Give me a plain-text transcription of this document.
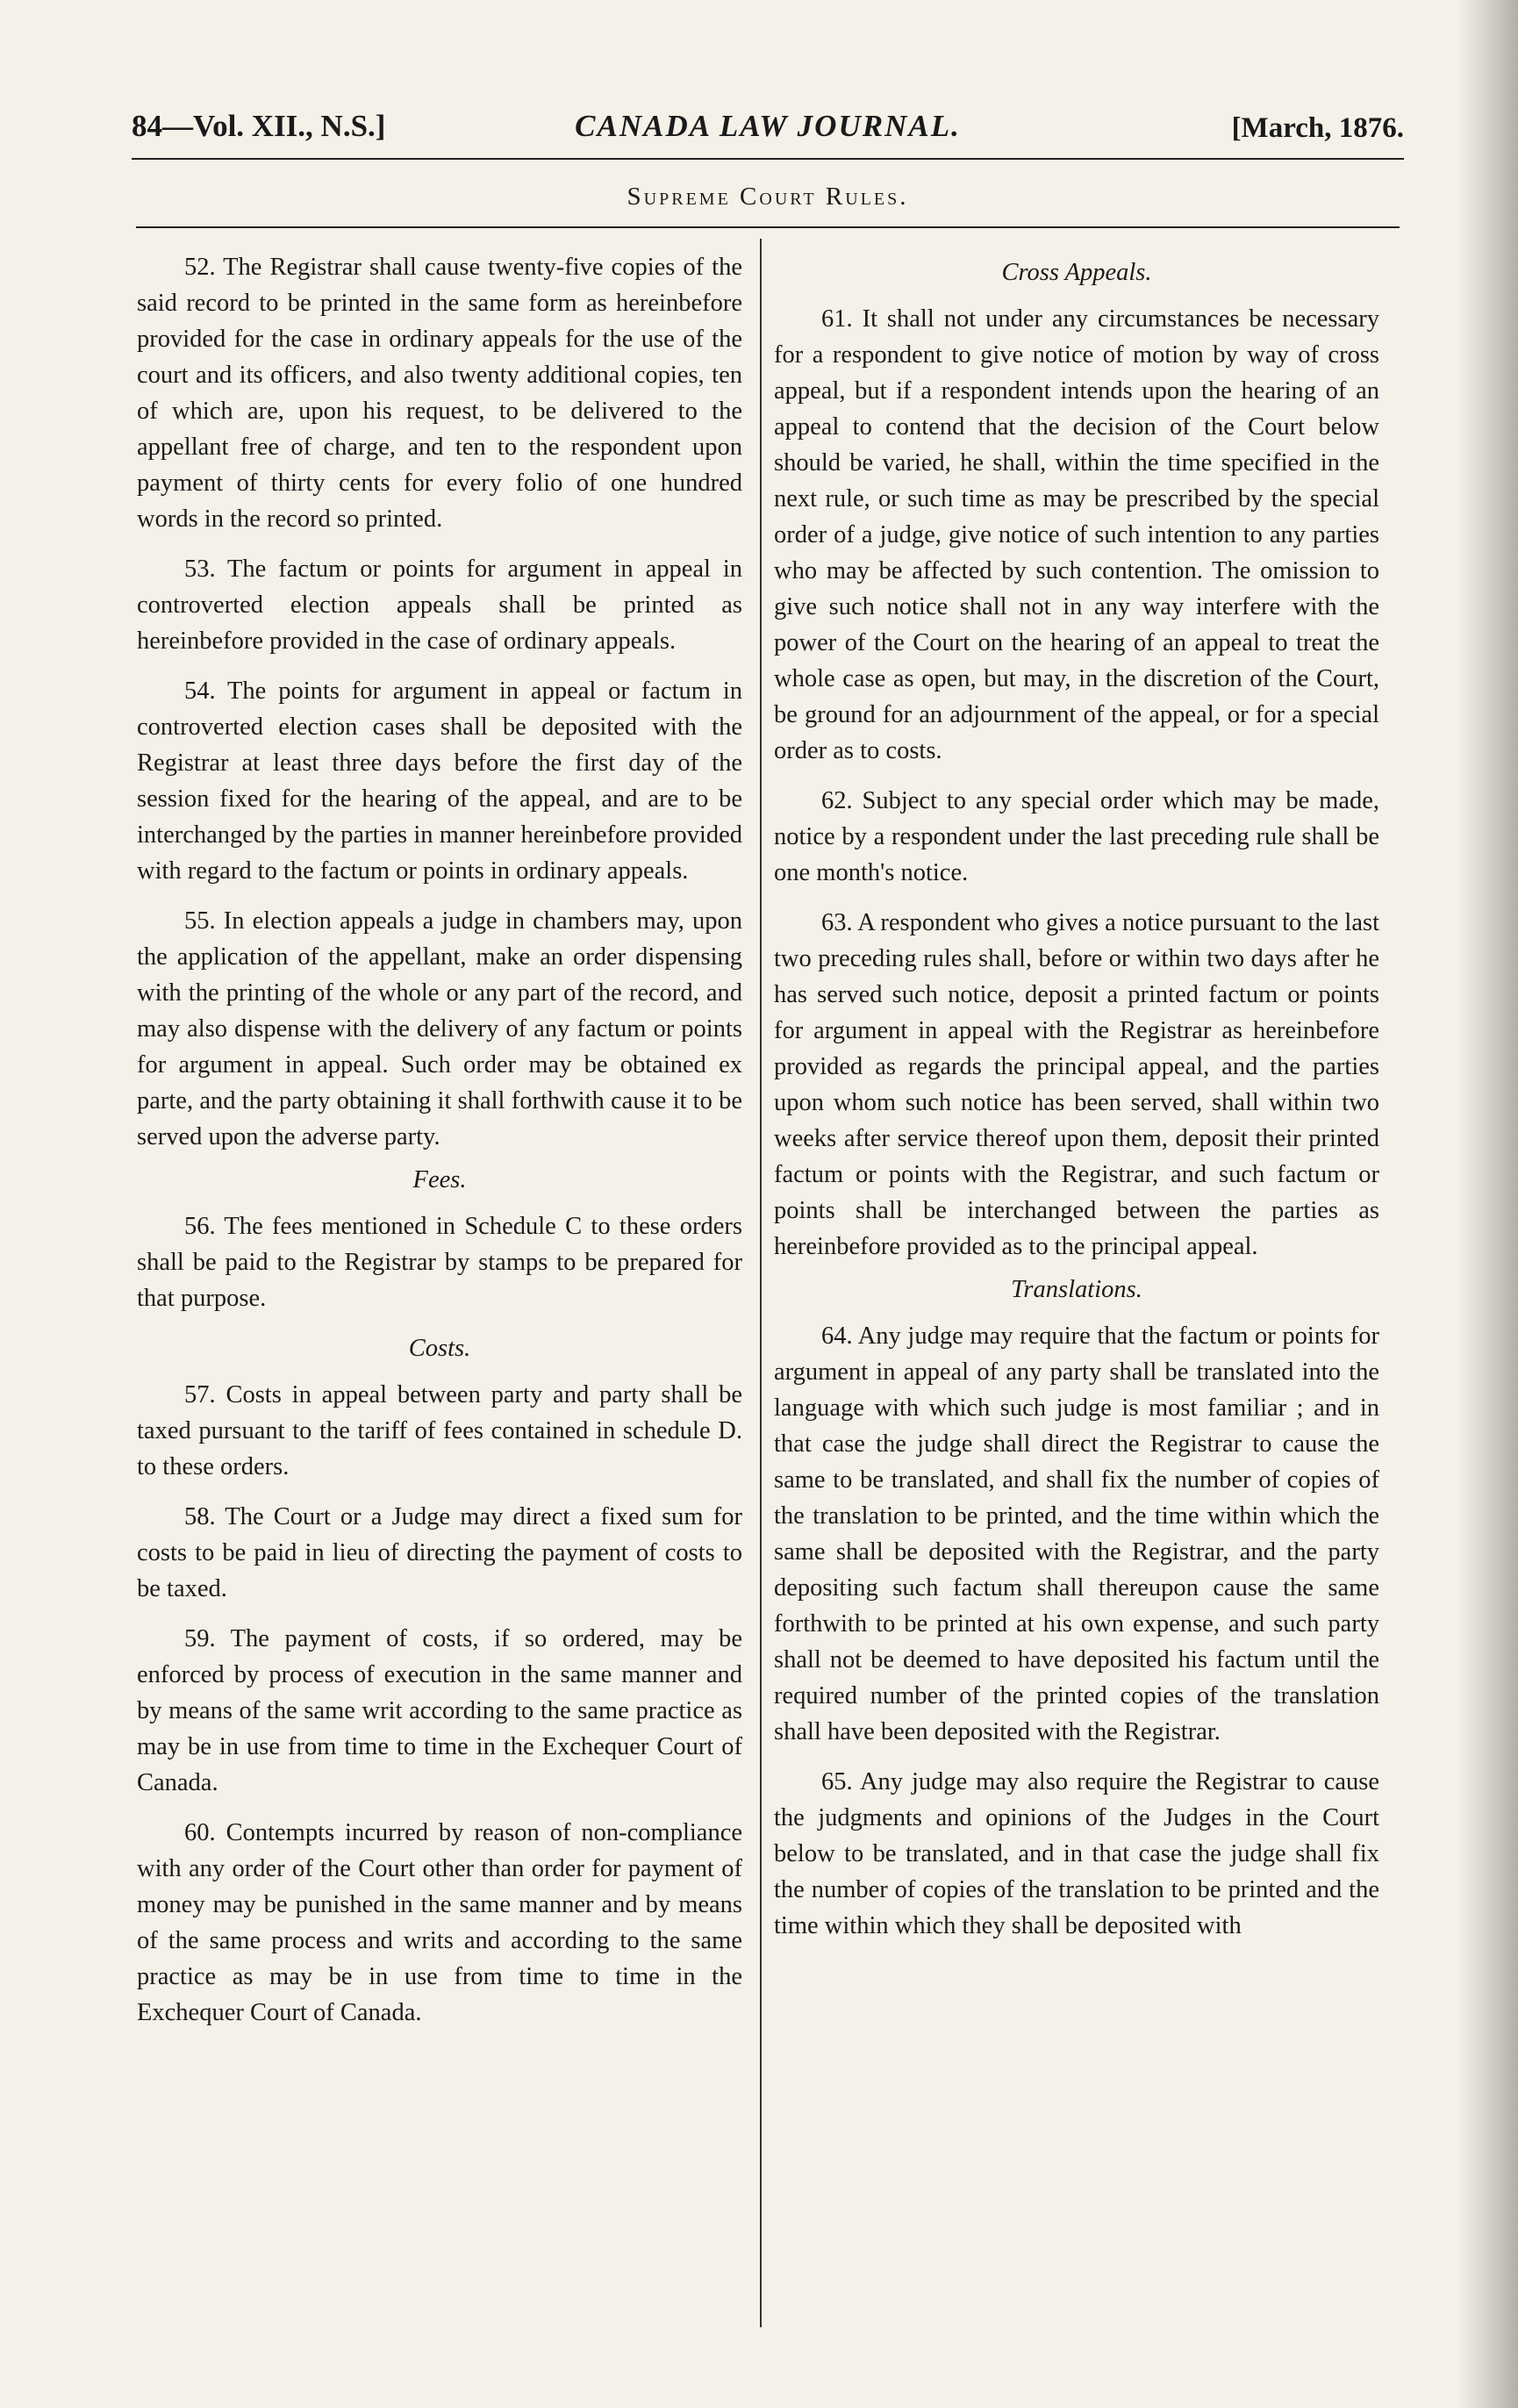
84—Vol. XII., N.S.]	CANADA LAW JOURNAL.	[March, 1876.
Supreme Court Rules.

52. The Registrar shall cause twenty-five copies of the said record to be printed in the same form as hereinbefore provided for the case in ordinary appeals for the use of the court and its officers, and also twenty additional copies, ten of which are, upon his request, to be delivered to the appellant free of charge, and ten to the respondent upon payment of thirty cents for every folio of one hundred words in the record so printed.

53. The factum or points for argument in appeal in controverted election appeals shall be printed as hereinbefore provided in the case of ordinary appeals.

54. The points for argument in appeal or factum in controverted election cases shall be deposited with the Registrar at least three days before the first day of the session fixed for the hearing of the appeal, and are to be interchanged by the parties in manner hereinbefore provided with regard to the factum or points in ordinary appeals.

55. In election appeals a judge in chambers may, upon the application of the appellant, make an order dispensing with the printing of the whole or any part of the record, and may also dispense with the delivery of any factum or points for argument in appeal. Such order may be obtained ex parte, and the party obtaining it shall forthwith cause it to be served upon the adverse party.

Fees.

56. The fees mentioned in Schedule C to these orders shall be paid to the Registrar by stamps to be prepared for that purpose.

Costs.

57. Costs in appeal between party and party shall be taxed pursuant to the tariff of fees contained in schedule D. to these orders.

58. The Court or a Judge may direct a fixed sum for costs to be paid in lieu of directing the payment of costs to be taxed.

59. The payment of costs, if so ordered, may be enforced by process of execution in the same manner and by means of the same writ according to the same practice as may be in use from time to time in the Exchequer Court of Canada.

60. Contempts incurred by reason of non-compliance with any order of the Court other than order for payment of money may be punished in the same manner and by means of the same process and writs and according to the same practice as may be in use from time to time in the Exchequer Court of Canada.

Cross Appeals.

61. It shall not under any circumstances be necessary for a respondent to give notice of motion by way of cross appeal, but if a respondent intends upon the hearing of an appeal to contend that the decision of the Court below should be varied, he shall, within the time specified in the next rule, or such time as may be prescribed by the special order of a judge, give notice of such intention to any parties who may be affected by such contention. The omission to give such notice shall not in any way interfere with the power of the Court on the hearing of an appeal to treat the whole case as open, but may, in the discretion of the Court, be ground for an adjournment of the appeal, or for a special order as to costs.

62. Subject to any special order which may be made, notice by a respondent under the last preceding rule shall be one month's notice.

63. A respondent who gives a notice pursuant to the last two preceding rules shall, before or within two days after he has served such notice, deposit a printed factum or points for argument in appeal with the Registrar as hereinbefore provided as regards the principal appeal, and the parties upon whom such notice has been served, shall within two weeks after service thereof upon them, deposit their printed factum or points with the Registrar, and such factum or points shall be interchanged between the parties as hereinbefore provided as to the principal appeal.

Translations.

64. Any judge may require that the factum or points for argument in appeal of any party shall be translated into the language with which such judge is most familiar ; and in that case the judge shall direct the Registrar to cause the same to be translated, and shall fix the number of copies of the translation to be printed, and the time within which the same shall be deposited with the Registrar, and the party depositing such factum shall thereupon cause the same forthwith to be printed at his own expense, and such party shall not be deemed to have deposited his factum until the required number of the printed copies of the translation shall have been deposited with the Registrar.

65. Any judge may also require the Registrar to cause the judgments and opinions of the Judges in the Court below to be translated, and in that case the judge shall fix the number of copies of the translation to be printed and the time within which they shall be deposited with
